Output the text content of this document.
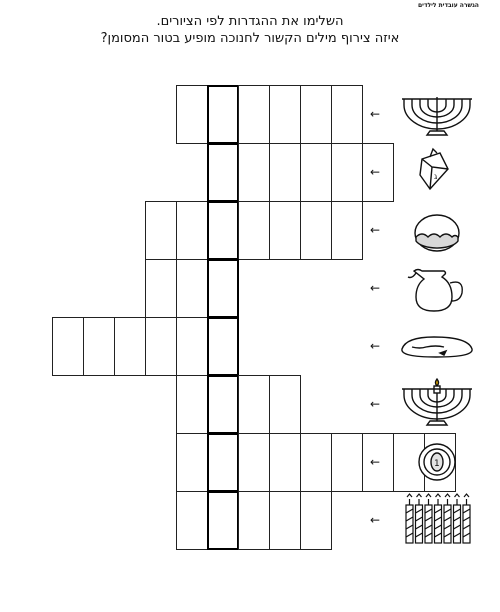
הגשרה עובדית לילדים
השלימו את ההגדרות לפי הציורים.
איזה צירוף מילים הקשור לחנוכה מופיע בטור המסומן?
←
←	ג
←
←
←
←
←	1
←
